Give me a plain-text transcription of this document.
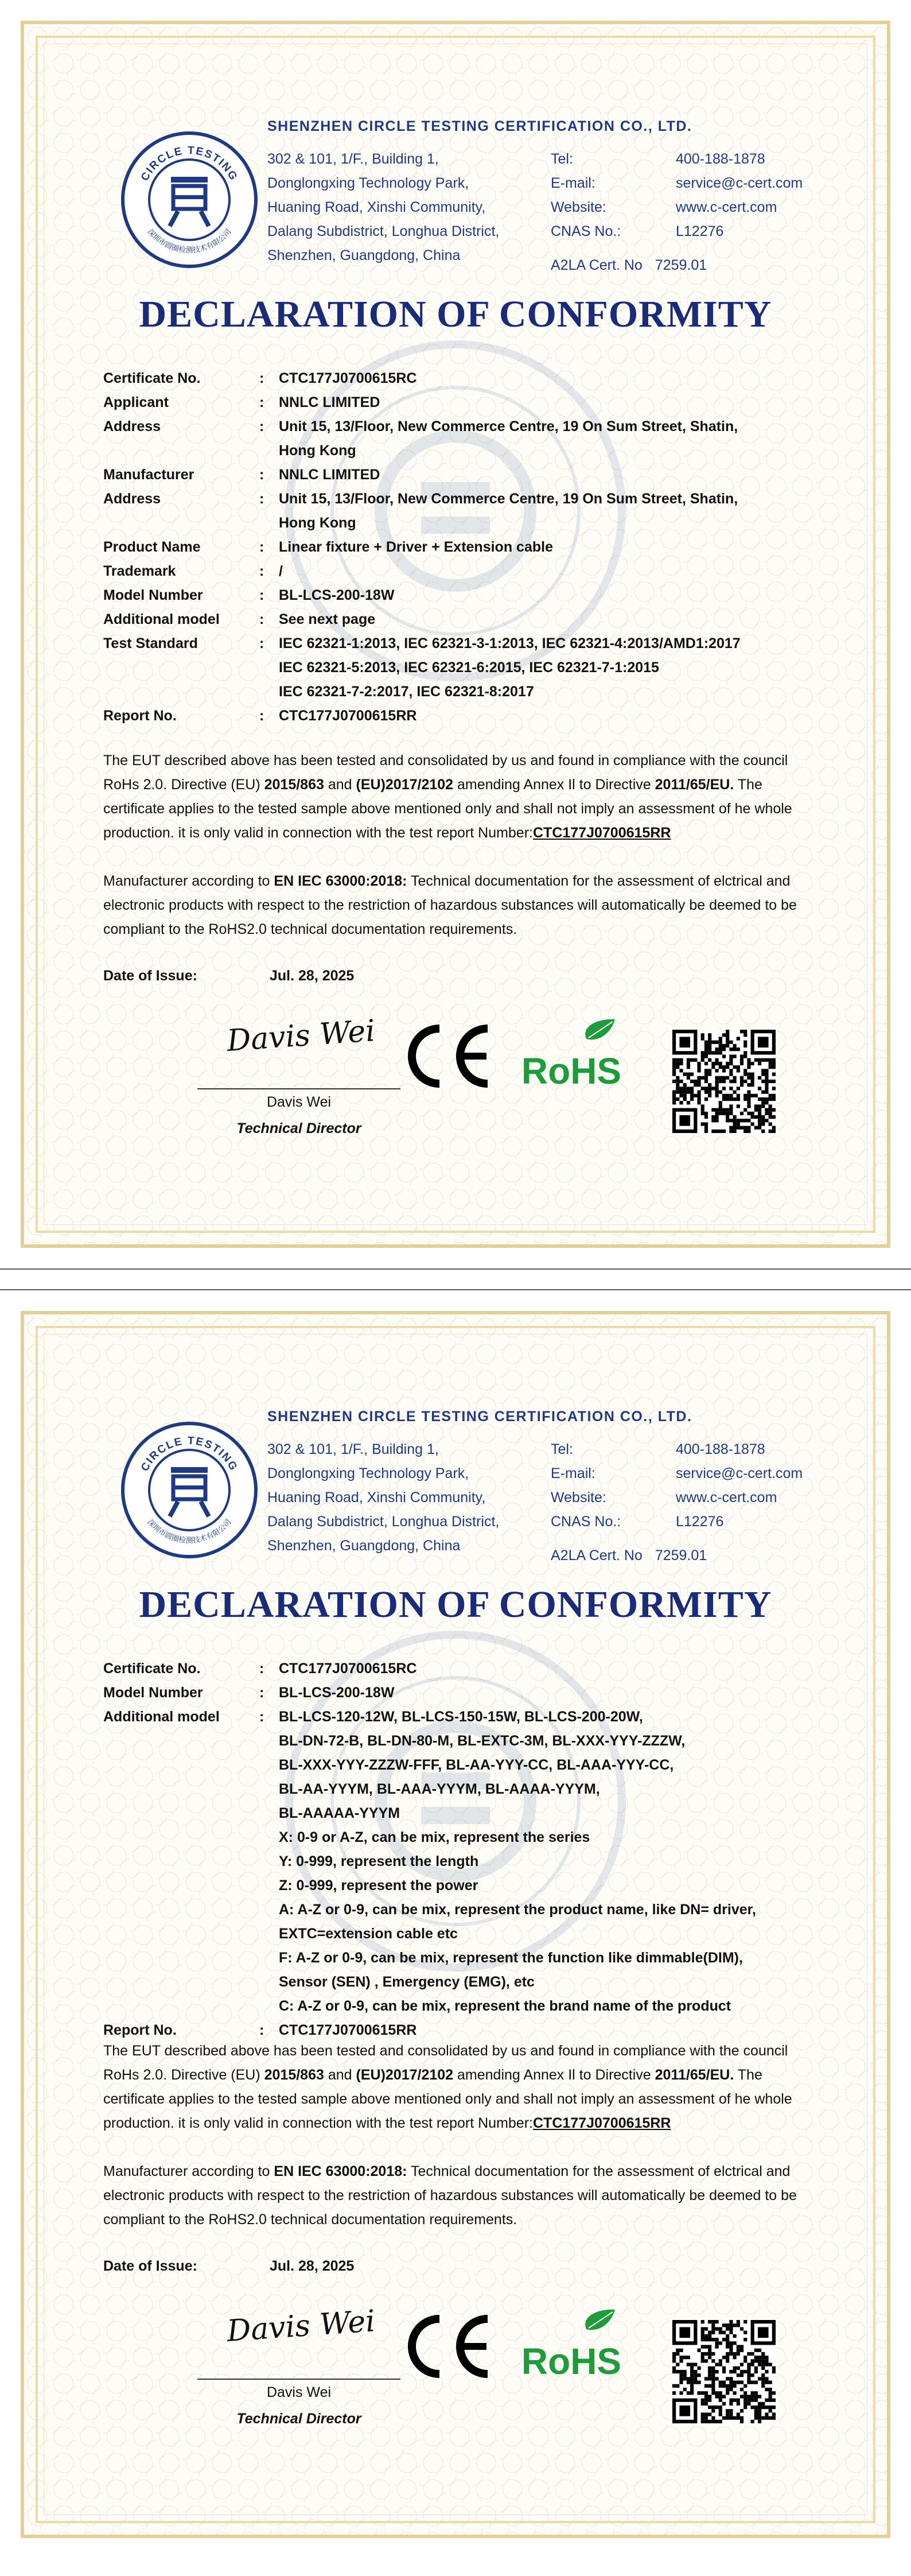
CIRCLE TESTING
深圳市圆圈检测技术有限公司
SHENZHEN CIRCLE TESTING CERTIFICATION CO., LTD.
302 & 101, 1/F., Building 1,
Donglongxing Technology Park,
Huaning Road, Xinshi Community,
Dalang Subdistrict, Longhua District,
Shenzhen, Guangdong, China
Tel:	400-188-1878
E-mail:	service@c-cert.com
Website:	www.c-cert.com
CNAS No.:	L12276
A2LA Cert. No 7259.01
DECLARATION OF CONFORMITY
Certificate No.	: CTC177J0700615RC
Applicant	: NNLC LIMITED
Address	: Unit 15, 13/Floor, New Commerce Centre, 19 On Sum Street, Shatin,
Hong Kong
Manufacturer	: NNLC LIMITED
Address	: Unit 15, 13/Floor, New Commerce Centre, 19 On Sum Street, Shatin,
Hong Kong
Product Name	: Linear fixture + Driver + Extension cable
Trademark	: /
Model Number	: BL-LCS-200-18W
Additional model	: See next page
Test Standard	: IEC 62321-1:2013, IEC 62321-3-1:2013, IEC 62321-4:2013/AMD1:2017
IEC 62321-5:2013, IEC 62321-6:2015, IEC 62321-7-1:2015
IEC 62321-7-2:2017, IEC 62321-8:2017
Report No.	: CTC177J0700615RR
The EUT described above has been tested and consolidated by us and found in compliance with the council RoHs 2.0. Directive (EU) 2015/863 and (EU)2017/2102 amending Annex Il to Directive 2011/65/EU. The certificate applies to the tested sample above mentioned only and shall not imply an assessment of he whole production. it is only valid in connection with the test report Number:CTC177J0700615RR
Manufacturer according to EN IEC 63000:2018: Technical documentation for the assessment of elctrical and electronic products with respect to the restriction of hazardous substances will automatically be deemed to be compliant to the RoHS2.0 technical documentation requirements.
Date of Issue:	Jul. 28, 2025
Davis Wei
Davis Wei
Technical Director
RoHS
CIRCLE TESTING
深圳市圆圈检测技术有限公司
SHENZHEN CIRCLE TESTING CERTIFICATION CO., LTD.
302 & 101, 1/F., Building 1,
Donglongxing Technology Park,
Huaning Road, Xinshi Community,
Dalang Subdistrict, Longhua District,
Shenzhen, Guangdong, China
Tel:	400-188-1878
E-mail:	service@c-cert.com
Website:	www.c-cert.com
CNAS No.:	L12276
A2LA Cert. No 7259.01
DECLARATION OF CONFORMITY
Certificate No.	: CTC177J0700615RC
Model Number	: BL-LCS-200-18W
Additional model	: BL-LCS-120-12W, BL-LCS-150-15W, BL-LCS-200-20W,
BL-DN-72-B, BL-DN-80-M, BL-EXTC-3M, BL-XXX-YYY-ZZZW,
BL-XXX-YYY-ZZZW-FFF, BL-AA-YYY-CC, BL-AAA-YYY-CC,
BL-AA-YYYM, BL-AAA-YYYM, BL-AAAA-YYYM,
BL-AAAAA-YYYM
X: 0-9 or A-Z, can be mix, represent the series
Y: 0-999, represent the length
Z: 0-999, represent the power
A: A-Z or 0-9, can be mix, represent the product name, like DN= driver,
EXTC=extension cable etc
F: A-Z or 0-9, can be mix, represent the function like dimmable(DIM),
Sensor (SEN) , Emergency (EMG), etc
C: A-Z or 0-9, can be mix, represent the brand name of the product
Report No.	: CTC177J0700615RR
The EUT described above has been tested and consolidated by us and found in compliance with the council RoHs 2.0. Directive (EU) 2015/863 and (EU)2017/2102 amending Annex Il to Directive 2011/65/EU. The certificate applies to the tested sample above mentioned only and shall not imply an assessment of he whole production. it is only valid in connection with the test report Number:CTC177J0700615RR
Manufacturer according to EN IEC 63000:2018: Technical documentation for the assessment of elctrical and electronic products with respect to the restriction of hazardous substances will automatically be deemed to be compliant to the RoHS2.0 technical documentation requirements.
Date of Issue:	Jul. 28, 2025
Davis Wei
Davis Wei
Technical Director
RoHS
